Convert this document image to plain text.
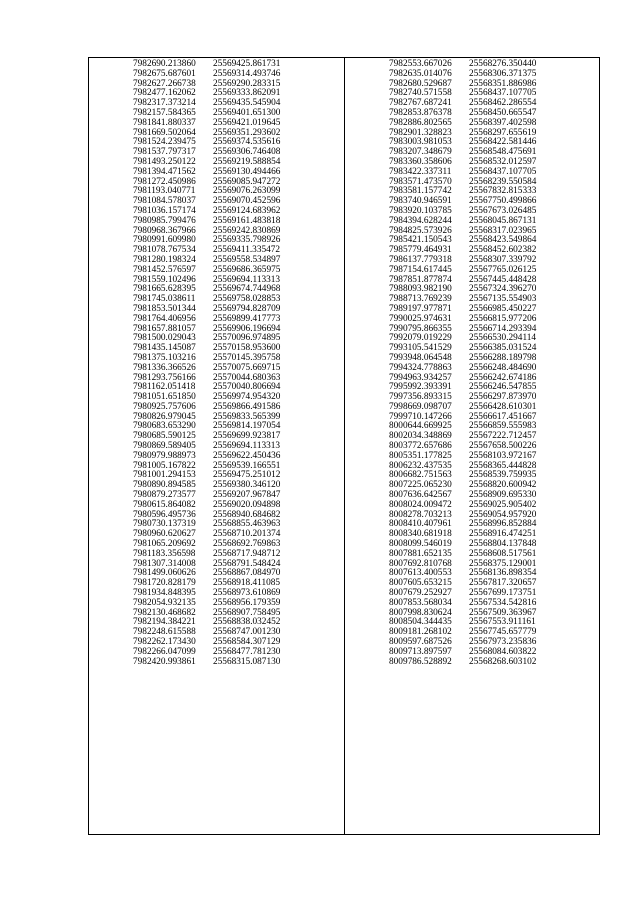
7982690.213860 25569425.861731
7982675.687601 25569314.493746
7982627.266738 25569290.283315
7982477.162062 25569333.862091
7982317.373214 25569435.545904
7982157.584365 25569401.651300
7981841.880337 25569421.019645
7981669.502064 25569351.293602
7981524.239475 25569374.535616
7981537.797317 25569306.746408
7981493.250122 25569219.588854
7981394.471562 25569130.494466
7981272.450986 25569085.947272
7981193.040771 25569076.263099
7981084.578037 25569070.452596
7981036.157174 25569124.683962
7980985.799476 25569161.483818
7980968.367966 25569242.830869
7980991.609980 25569335.798926
7981078.767534 25569411.335472
7981280.198324 25569558.534897
7981452.576597 25569686.365975
7981559.102496 25569694.113313
7981665.628395 25569674.744968
7981745.038611 25569758.028853
7981853.501344 25569794.828709
7981764.406956 25569899.417773
7981657.881057 25569906.196694
7981500.029043 25570096.974895
7981435.145087 25570158.953600
7981375.103216 25570145.395758
7981336.366526 25570075.669715
7981293.756166 25570044.680363
7981162.051418 25570040.806694
7981051.651850 25569974.954320
7980925.757606 25569866.491586
7980826.979045 25569833.565399
7980683.653290 25569814.197054
7980685.590125 25569699.923817
7980869.589405 25569694.113313
7980979.988973 25569622.450436
7981005.167822 25569539.166551
7981001.294153 25569475.251012
7980890.894585 25569380.346120
7980879.273577 25569207.967847
7980615.864082 25569020.094898
7980596.495736 25568940.684682
7980730.137319 25568855.463963
7980960.620627 25568710.201374
7981065.209692 25568692.769863
7981183.356598 25568717.948712
7981307.314008 25568791.548424
7981499.060626 25568867.084970
7981720.828179 25568918.411085
7981934.848395 25568973.610869
7982054.932135 25568956.179359
7982130.468682 25568907.758495
7982194.384221 25568838.032452
7982248.615588 25568747.001230
7982262.173430 25568584.307129
7982266.047099 25568477.781230
7982420.993861 25568315.087130
7982553.667026 25568276.350440
7982635.014076 25568306.371375
7982680.529687 25568351.886986
7982740.571558 25568437.107705
7982767.687241 25568462.286554
7982853.876378 25568450.665547
7982886.802565 25568397.402598
7982901.328823 25568297.655619
7983003.981053 25568422.581446
7983207.348679 25568548.475691
7983360.358606 25568532.012597
7983422.337311 25568437.107705
7983571.473570 25568239.550584
7983581.157742 25567832.815333
7983740.946591 25567750.499866
7983920.103785 25567673.026485
7984394.628244 25568045.867131
7984825.573926 25568317.023965
7985421.150543 25568423.549864
7985779.464931 25568452.602382
7986137.779318 25568307.339792
7987154.617445 25567765.026125
7987851.877874 25567445.448428
7988093.982190 25567324.396270
7988713.769239 25567135.554903
7989197.977871 25566985.450227
7990025.974631 25566815.977206
7990795.866355 25566714.293394
7992079.019229 25566530.294114
7993105.541529 25566385.031524
7993948.064548 25566288.189798
7994324.778863 25566248.484690
7994963.934257 25566242.674186
7995992.393391 25566246.547855
7997356.893315 25566297.873970
7998669.098707 25566428.610301
7999710.147266 25566617.451667
8000644.669925 25566859.555983
8002034.348869 25567222.712457
8003772.657686 25567658.500226
8005351.177825 25568103.972167
8006232.437535 25568365.444828
8006682.751563 25568539.759935
8007225.065230 25568820.600942
8007636.642567 25568909.695330
8008024.009472 25569025.905402
8008278.703213 25569054.957920
8008410.407961 25568996.852884
8008340.681918 25568916.474251
8008099.546019 25568804.137848
8007881.652135 25568608.517561
8007692.810768 25568375.129001
8007613.400553 25568136.898354
8007605.653215 25567817.320657
8007679.252927 25567699.173751
8007853.568034 25567534.542816
8007998.830624 25567509.363967
8008504.344435 25567553.911161
8009181.268102 25567745.657779
8009597.687526 25567973.235836
8009713.897597 25568084.603822
8009786.528892 25568268.603102
